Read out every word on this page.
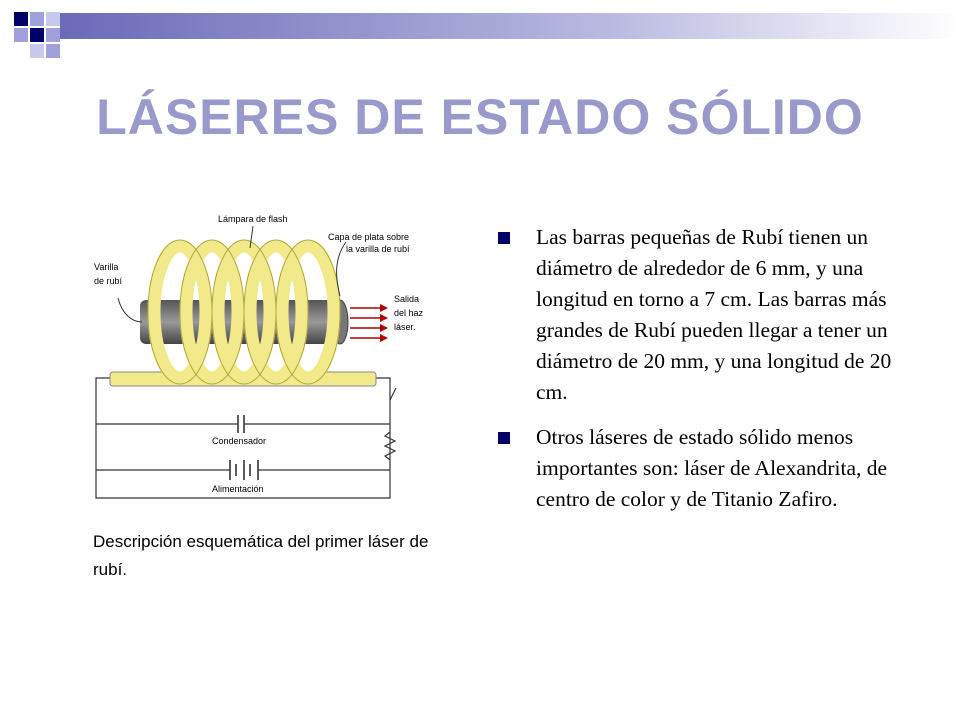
LÁSERES DE ESTADO SÓLIDO
Lámpara de flash
Capa de plata sobre
la varilla de rubí
Varilla
de rubí
Salida
del haz
láser.
Condensador
Alimentación
Descripción esquemática del primer láser de rubí.
Las barras pequeñas de Rubí tienen un diámetro de alrededor de 6 mm, y una longitud en torno a 7 cm. Las barras más grandes de Rubí pueden llegar a tener un diámetro de 20 mm, y una longitud de 20 cm.
Otros láseres de estado sólido menos importantes son: láser de Alexandrita, de centro de color y de Titanio Zafiro.
